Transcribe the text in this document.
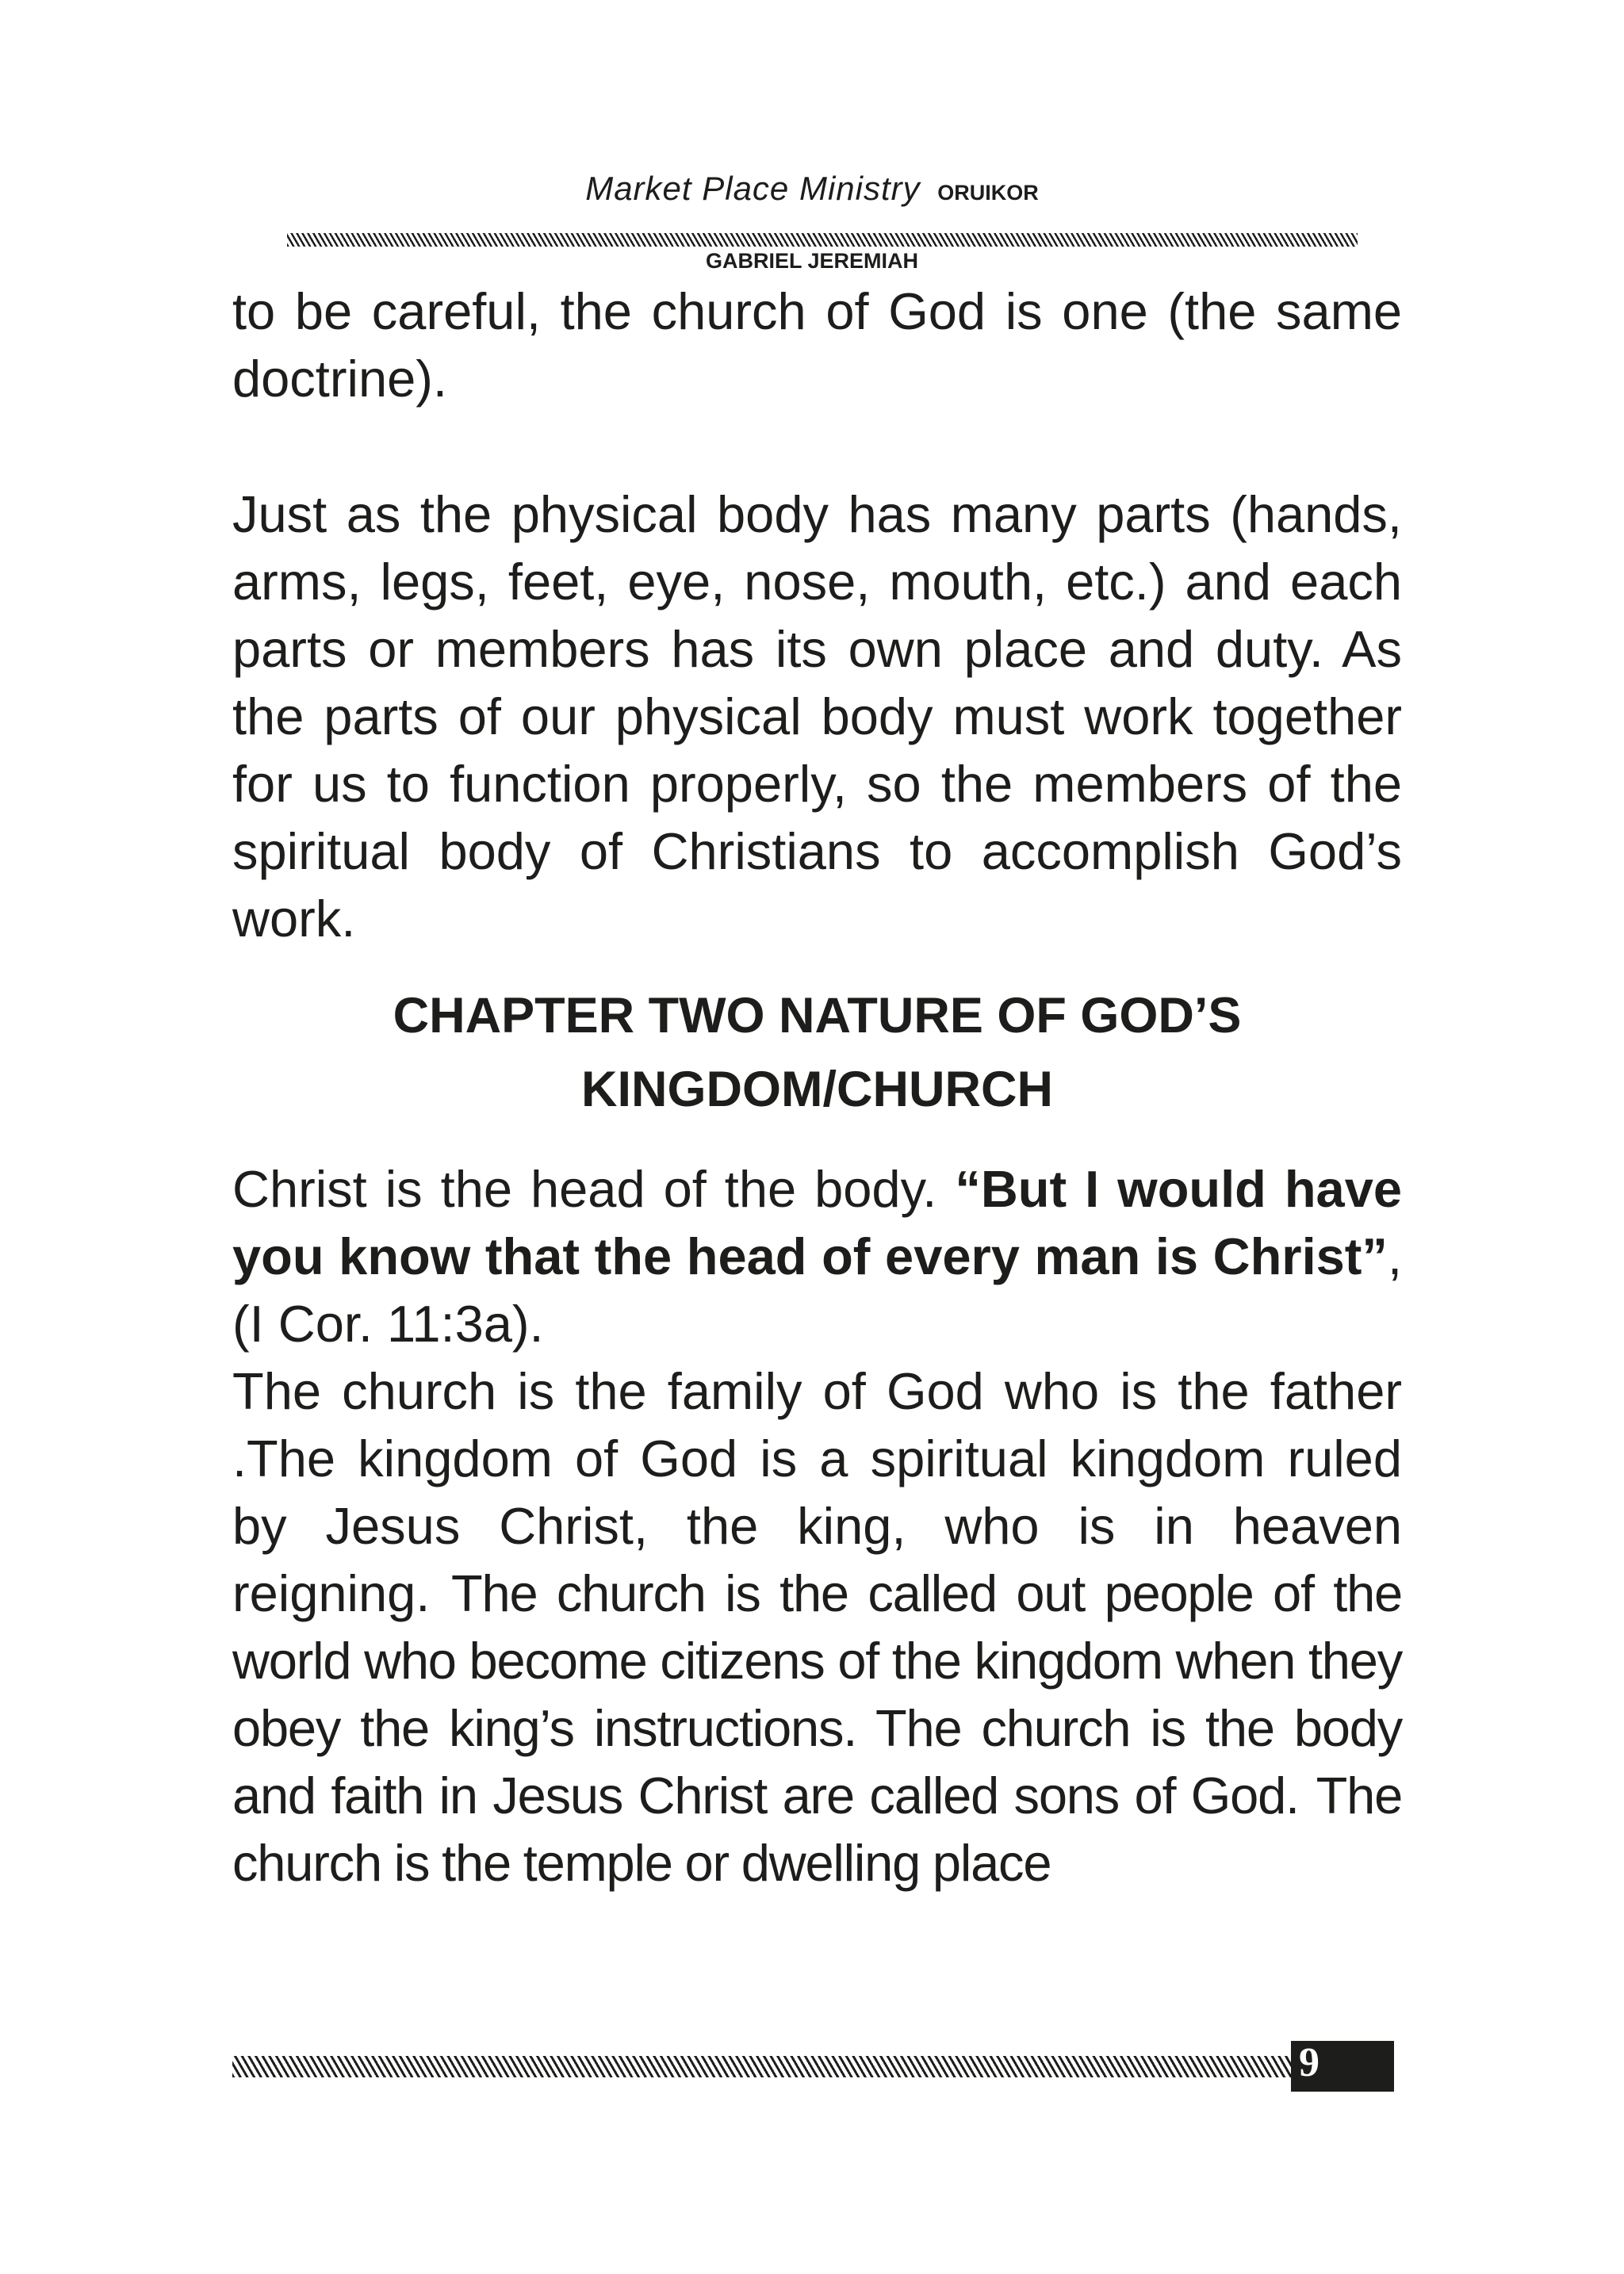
Market Place Ministry ORUIKOR
GABRIEL JEREMIAH

to be careful, the church of God is one (the same doctrine).

Just as the physical body has many parts (hands, arms, legs, feet, eye, nose, mouth, etc.) and each parts or members has its own place and duty. As the parts of our physical body must work together for us to function properly, so the members of the spiritual body of Christians to accomplish God’s work.

CHAPTER TWO NATURE OF GOD’S
KINGDOM/CHURCH

Christ is the head of the body. “But I would have you know that the head of every man is Christ”, (I Cor. 11:3a).

The church is the family of God who is the father .The kingdom of God is a spiritual kingdom ruled by Jesus Christ, the king, who is in heaven reigning. The church is the called out people of the world who become citizens of the kingdom when they obey the king’s instructions. The church is the body and faith in Jesus Christ are called sons of God. The church is the temple or dwelling place

9
